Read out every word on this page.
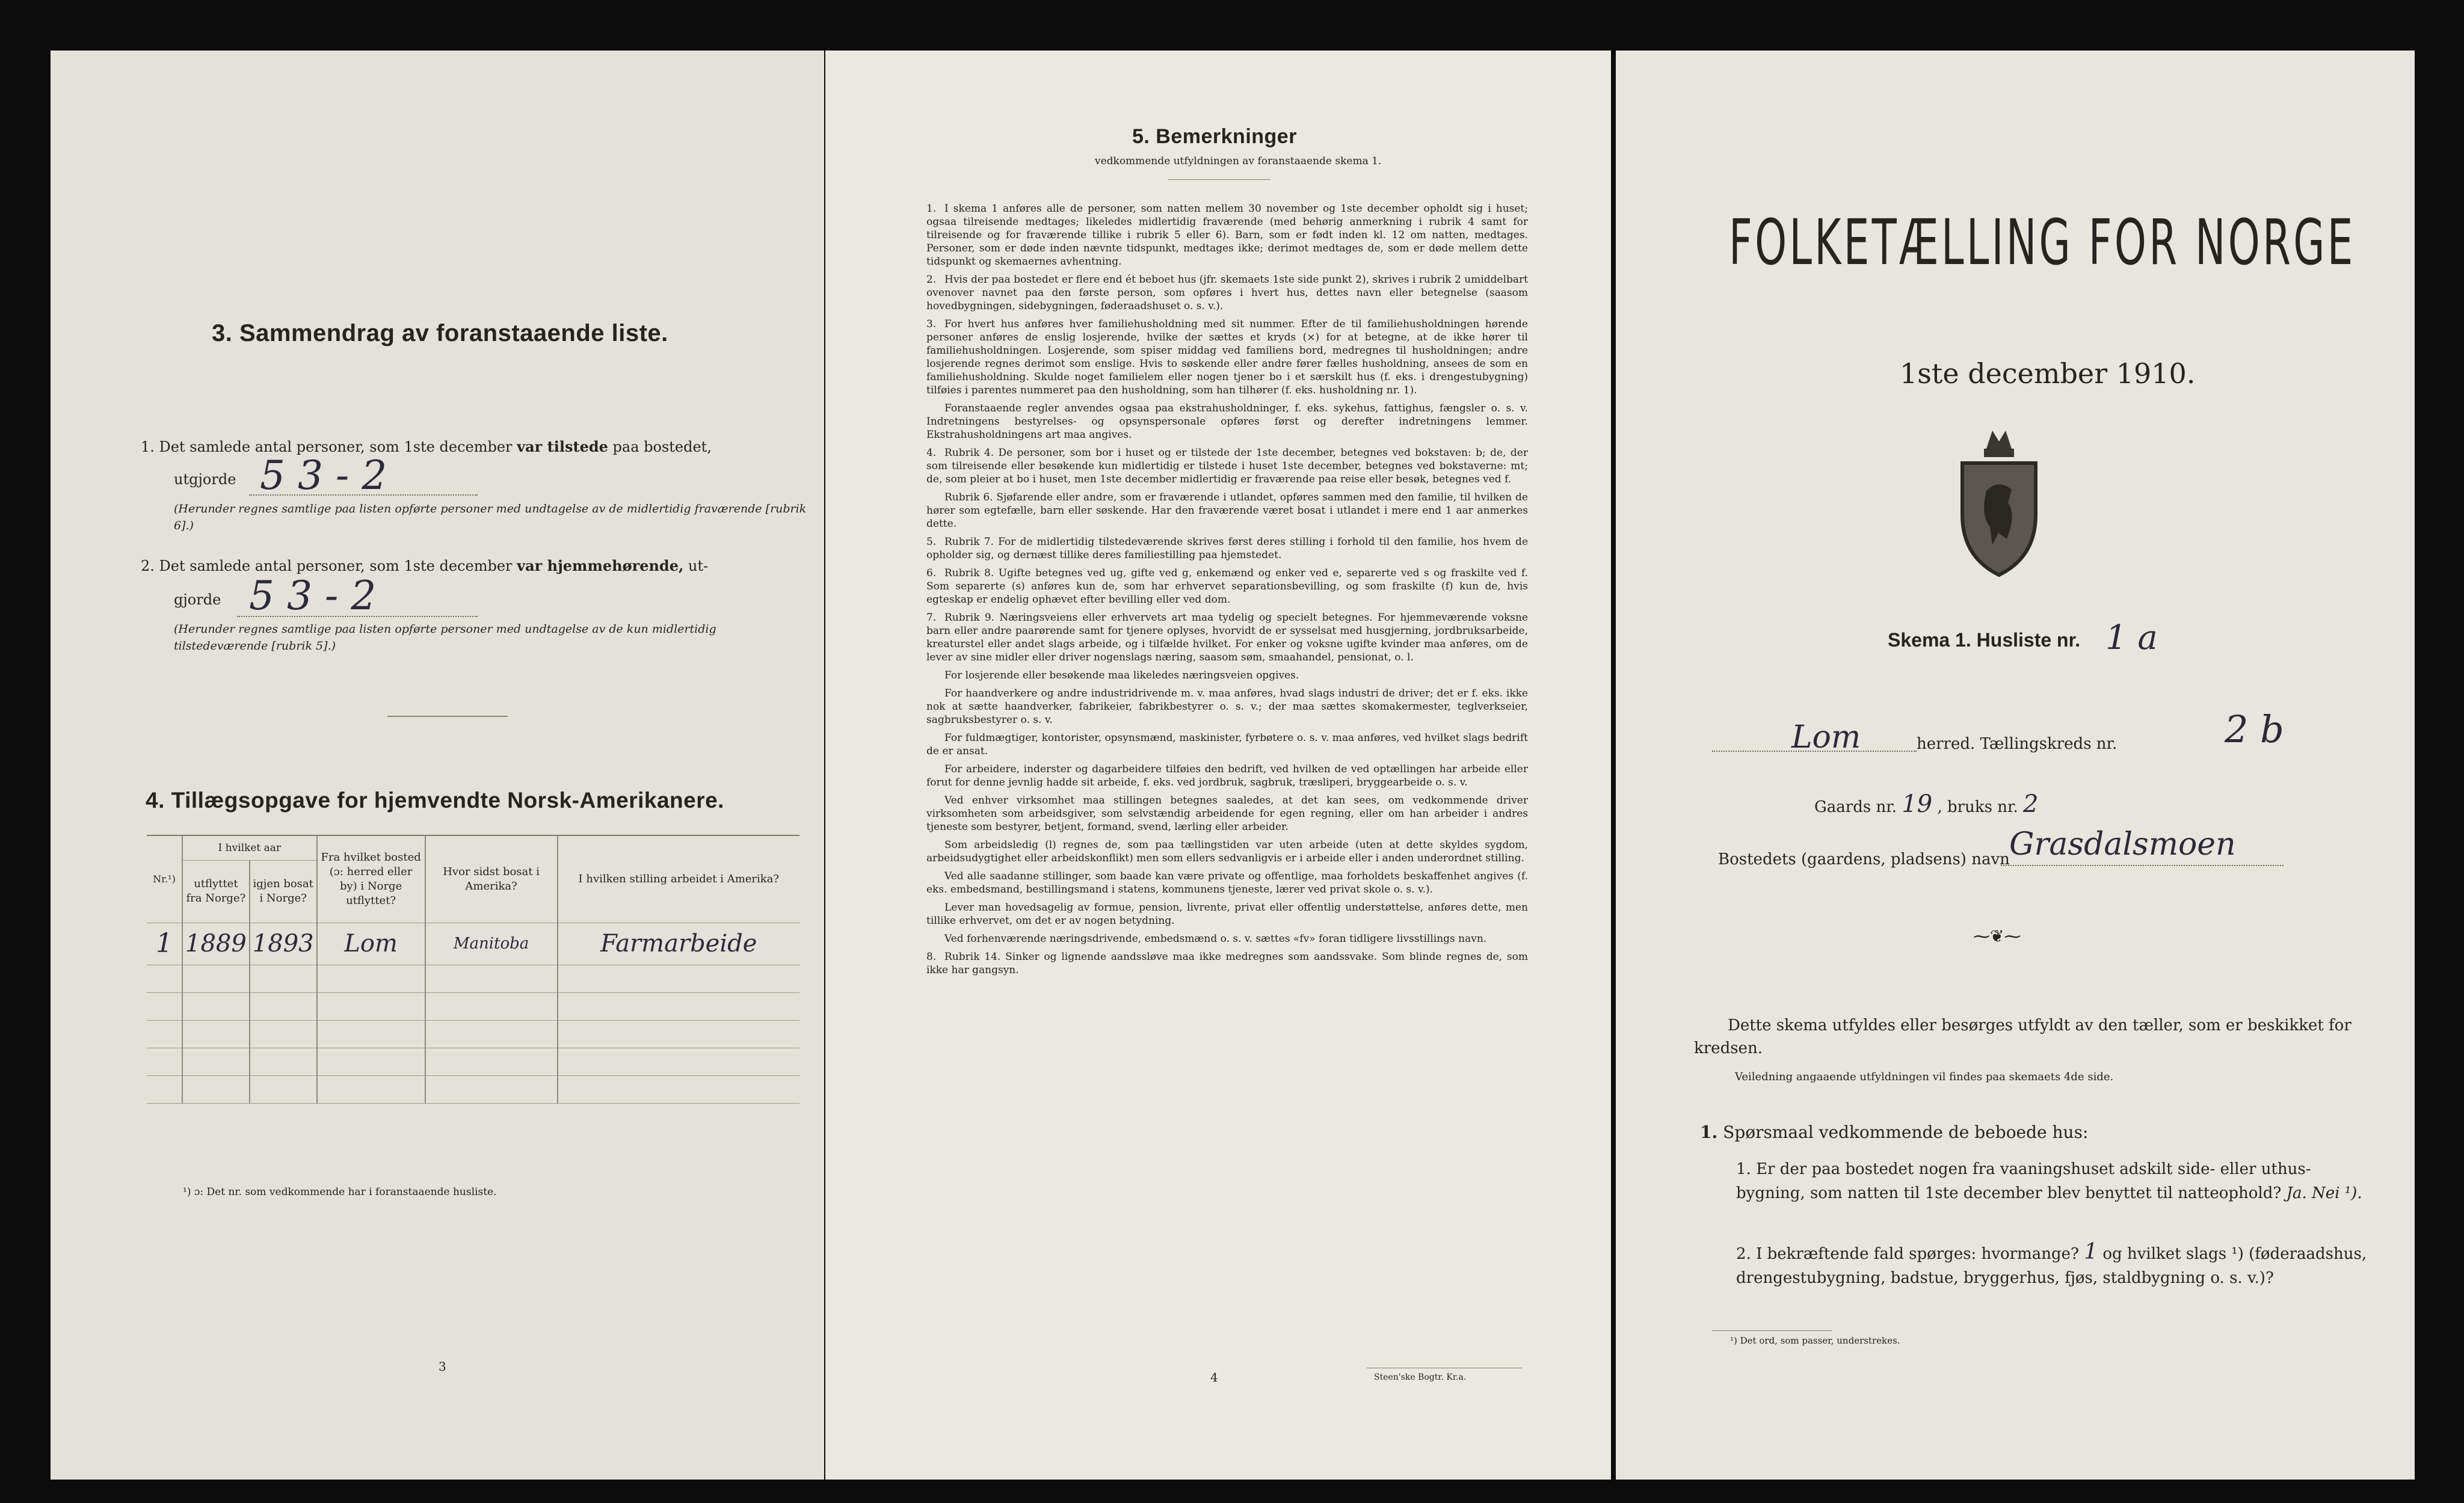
3. Sammendrag av foranstaaende liste.
1. Det samlede antal personer, som 1ste december var tilstede paa bostedet,
utgjorde 5 3 - 2
(Herunder regnes samtlige paa listen opførte personer med undtagelse av de midlertidig fraværende [rubrik 6].)
2. Det samlede antal personer, som 1ste december var hjemmehørende, ut-
gjorde 5 3 - 2
(Herunder regnes samtlige paa listen opførte personer med undtagelse av de kun midlertidig tilstedeværende [rubrik 5].)
4. Tillægsopgave for hjemvendte Norsk-Amerikanere.
Nr.¹)	I hvilket aar		Fra hvilket bosted (ɔ: herred eller by) i Norge utflyttet?	Hvor sidst bosat i Amerika?	I hvilken stilling arbeidet i Amerika?
	utflyttet fra Norge?	igjen bosat i Norge?			
1	1889	1893	Lom	Manitoba	Farmarbeide

¹) ɔ: Det nr. som vedkommende har i foranstaaende husliste.
3
5. Bemerkninger
vedkommende utfyldningen av foranstaaende skema 1.

1. I skema 1 anføres alle de personer, som natten mellem 30 november og 1ste december opholdt sig i huset; ogsaa tilreisende medtages; likeledes midlertidig fraværende (med behørig anmerkning i rubrik 4 samt for tilreisende og for fraværende tillike i rubrik 5 eller 6). Barn, som er født inden kl. 12 om natten, medtages. Personer, som er døde inden nævnte tidspunkt, medtages ikke; derimot medtages de, som er døde mellem dette tidspunkt og skemaernes avhentning.

2. Hvis der paa bostedet er flere end ét beboet hus (jfr. skemaets 1ste side punkt 2), skrives i rubrik 2 umiddelbart ovenover navnet paa den første person, som opføres i hvert hus, dettes navn eller betegnelse (saasom hovedbygningen, sidebygningen, føderaadshuset o. s. v.).

3. For hvert hus anføres hver familiehusholdning med sit nummer. Efter de til familiehusholdningen hørende personer anføres de enslig losjerende, hvilke der sættes et kryds (×) for at betegne, at de ikke hører til familiehusholdningen. Losjerende, som spiser middag ved familiens bord, medregnes til husholdningen; andre losjerende regnes derimot som enslige. Hvis to søskende eller andre fører fælles husholdning, ansees de som en familiehusholdning. Skulde noget familielem eller nogen tjener bo i et særskilt hus (f. eks. i drengestubygning) tilføies i parentes nummeret paa den husholdning, som han tilhører (f. eks. husholdning nr. 1).

Foranstaaende regler anvendes ogsaa paa ekstrahusholdninger, f. eks. sykehus, fattighus, fængsler o. s. v. Indretningens bestyrelses- og opsynspersonale opføres først og derefter indretningens lemmer. Ekstrahusholdningens art maa angives.

4. Rubrik 4. De personer, som bor i huset og er tilstede der 1ste december, betegnes ved bokstaven: b; de, der som tilreisende eller besøkende kun midlertidig er tilstede i huset 1ste december, betegnes ved bokstaverne: mt; de, som pleier at bo i huset, men 1ste december midlertidig er fraværende paa reise eller besøk, betegnes ved f.

Rubrik 6. Sjøfarende eller andre, som er fraværende i utlandet, opføres sammen med den familie, til hvilken de hører som egtefælle, barn eller søskende. Har den fraværende været bosat i utlandet i mere end 1 aar anmerkes dette.

5. Rubrik 7. For de midlertidig tilstedeværende skrives først deres stilling i forhold til den familie, hos hvem de opholder sig, og dernæst tillike deres familiestilling paa hjemstedet.

6. Rubrik 8. Ugifte betegnes ved ug, gifte ved g, enkemænd og enker ved e, separerte ved s og fraskilte ved f. Som separerte (s) anføres kun de, som har erhvervet separationsbevilling, og som fraskilte (f) kun de, hvis egteskap er endelig ophævet efter bevilling eller ved dom.

7. Rubrik 9. Næringsveiens eller erhvervets art maa tydelig og specielt betegnes. For hjemmeværende voksne barn eller andre paarørende samt for tjenere oplyses, hvorvidt de er sysselsat med husgjerning, jordbruksarbeide, kreaturstel eller andet slags arbeide, og i tilfælde hvilket. For enker og voksne ugifte kvinder maa anføres, om de lever av sine midler eller driver nogenslags næring, saasom søm, smaahandel, pensionat, o. l.

For losjerende eller besøkende maa likeledes næringsveien opgives.

For haandverkere og andre industridrivende m. v. maa anføres, hvad slags industri de driver; det er f. eks. ikke nok at sætte haandverker, fabrikeier, fabrikbestyrer o. s. v.; der maa sættes skomakermester, teglverkseier, sagbruksbestyrer o. s. v.

For fuldmægtiger, kontorister, opsynsmænd, maskinister, fyrbøtere o. s. v. maa anføres, ved hvilket slags bedrift de er ansat.

For arbeidere, inderster og dagarbeidere tilføies den bedrift, ved hvilken de ved optællingen har arbeide eller forut for denne jevnlig hadde sit arbeide, f. eks. ved jordbruk, sagbruk, træsliperi, bryggearbeide o. s. v.

Ved enhver virksomhet maa stillingen betegnes saaledes, at det kan sees, om vedkommende driver virksomheten som arbeidsgiver, som selvstændig arbeidende for egen regning, eller om han arbeider i andres tjeneste som bestyrer, betjent, formand, svend, lærling eller arbeider.

Som arbeidsledig (l) regnes de, som paa tællingstiden var uten arbeide (uten at dette skyldes sygdom, arbeidsudygtighet eller arbeidskonflikt) men som ellers sedvanligvis er i arbeide eller i anden underordnet stilling.

Ved alle saadanne stillinger, som baade kan være private og offentlige, maa forholdets beskaffenhet angives (f. eks. embedsmand, bestillingsmand i statens, kommunens tjeneste, lærer ved privat skole o. s. v.).

Lever man hovedsagelig av formue, pension, livrente, privat eller offentlig understøttelse, anføres dette, men tillike erhvervet, om det er av nogen betydning.

Ved forhenværende næringsdrivende, embedsmænd o. s. v. sættes «fv» foran tidligere livsstillings navn.

8. Rubrik 14. Sinker og lignende aandssløve maa ikke medregnes som aandssvake. Som blinde regnes de, som ikke har gangsyn.

4	Steen'ske Bogtr. Kr.a.
FOLKETÆLLING FOR NORGE
1ste december 1910.
Skema 1. Husliste nr. 1 a
Lom	herred. Tællingskreds nr.	2 b
Gaards nr. 19 , bruks nr. 2
Bostedets (gaardens, pladsens) navn Grasdalsmoen
⁓❦⁓
Dette skema utfyldes eller besørges utfyldt av den tæller, som er beskikket for kredsen.
Veiledning angaaende utfyldningen vil findes paa skemaets 4de side.
1. Spørsmaal vedkommende de beboede hus:
1. Er der paa bostedet nogen fra vaaningshuset adskilt side- eller uthus-bygning, som natten til 1ste december blev benyttet til natteophold? Ja. Nei ¹).
2. I bekræftende fald spørges: hvormange? 1 og hvilket slags ¹) (føderaadshus, drengestubygning, badstue, bryggerhus, fjøs, staldbygning o. s. v.)?
¹) Det ord, som passer, understrekes.
